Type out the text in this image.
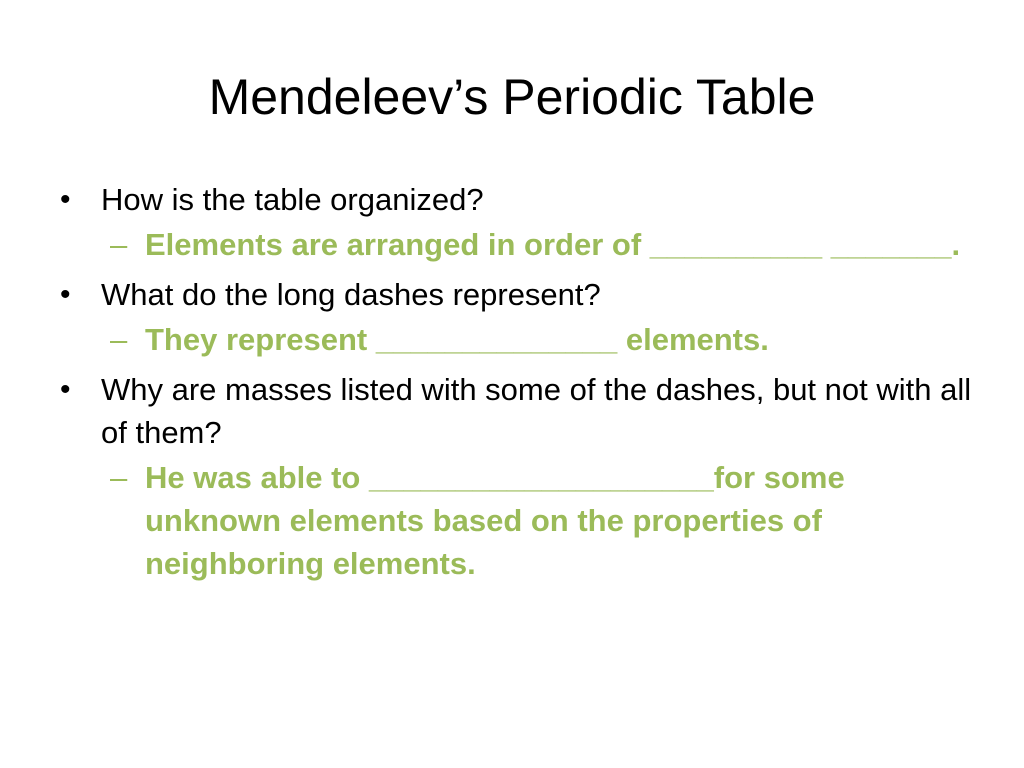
Mendeleev’s Periodic Table
• How is the table organized?
– Elements are arranged in order of __________ _______.
• What do the long dashes represent?
– They represent ______________ elements.
• Why are masses listed with some of the dashes, but not with all of them?
– He was able to ____________________for some unknown elements based on the properties of neighboring elements.
